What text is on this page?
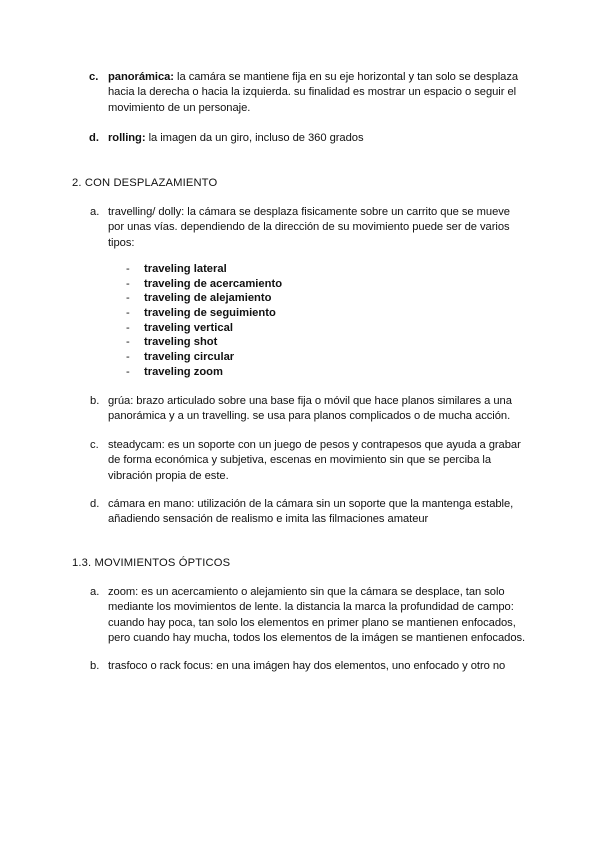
c. panorámica: la camára se mantiene fija en su eje horizontal y tan solo se desplaza hacia la derecha o hacia la izquierda. su finalidad es mostrar un espacio o seguir el movimiento de un personaje.
d. rolling: la imagen da un giro, incluso de 360 grados
2. CON DESPLAZAMIENTO
a. travelling/ dolly: la cámara se desplaza fisicamente sobre un carrito que se mueve por unas vías. dependiendo de la dirección de su movimiento puede ser de varios tipos:
- traveling lateral
- traveling de acercamiento
- traveling de alejamiento
- traveling de seguimiento
- traveling vertical
- traveling shot
- traveling circular
- traveling zoom
b. grúa: brazo articulado sobre una base fija o móvil que hace planos similares a una panorámica y a un travelling. se usa para planos complicados o de mucha acción.
c. steadycam: es un soporte con un juego de pesos y contrapesos que ayuda a grabar de forma económica y subjetiva, escenas en movimiento sin que se perciba la vibración propia de este.
d. cámara en mano: utilización de la cámara sin un soporte que la mantenga estable, añadiendo sensación de realismo e imita las filmaciones amateur
1.3. MOVIMIENTOS ÓPTICOS
a. zoom: es un acercamiento o alejamiento sin que la cámara se desplace, tan solo mediante los movimientos de lente. la distancia la marca la profundidad de campo: cuando hay poca, tan solo los elementos en primer plano se mantienen enfocados, pero cuando hay mucha, todos los elementos de la imágen se mantienen enfocados.
b. trasfoco o rack focus: en una imágen hay dos elementos, uno enfocado y otro no
